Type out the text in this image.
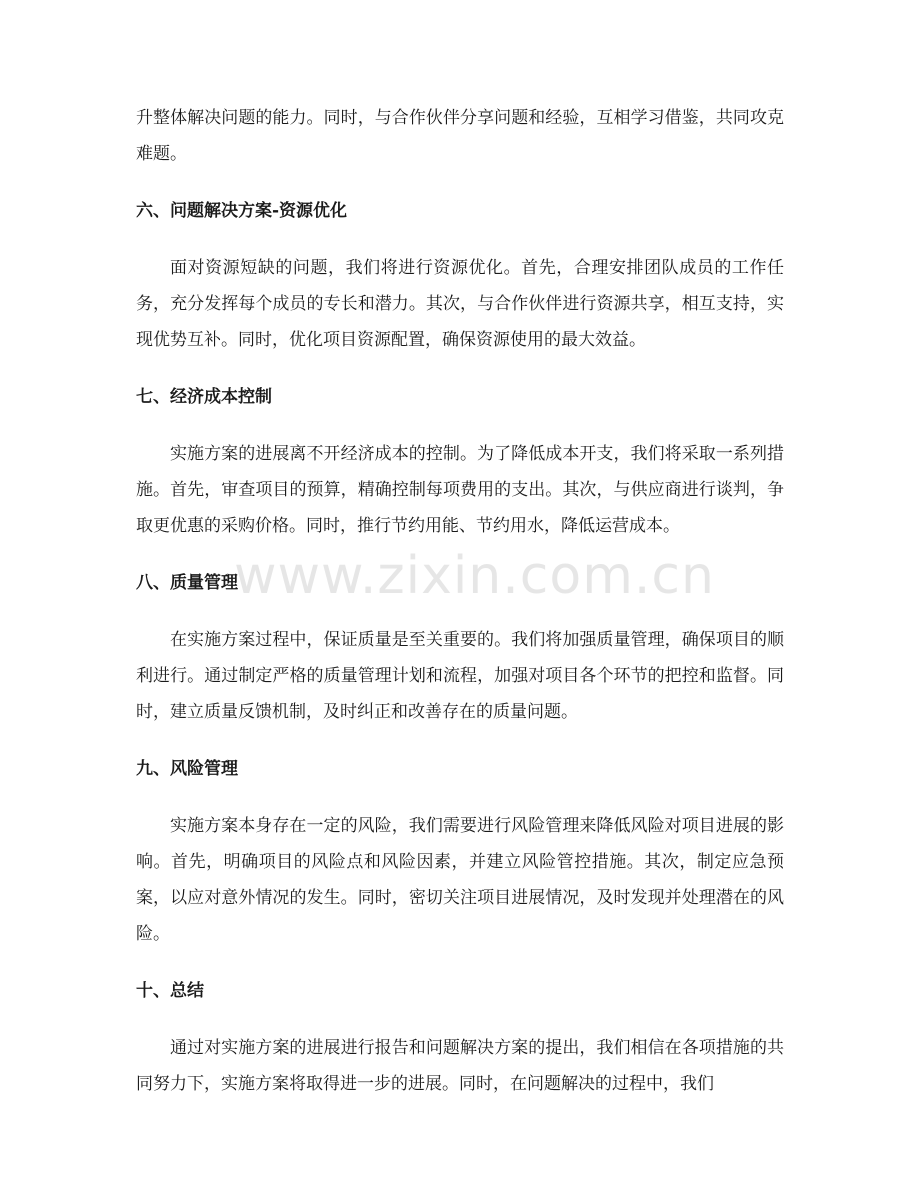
升整体解决问题的能力。同时，与合作伙伴分享问题和经验，互相学习借鉴，共同攻克难题。

六、问题解决方案-资源优化

面对资源短缺的问题，我们将进行资源优化。首先，合理安排团队成员的工作任务，充分发挥每个成员的专长和潜力。其次，与合作伙伴进行资源共享，相互支持，实现优势互补。同时，优化项目资源配置，确保资源使用的最大效益。

七、经济成本控制

实施方案的进展离不开经济成本的控制。为了降低成本开支，我们将采取一系列措施。首先，审查项目的预算，精确控制每项费用的支出。其次，与供应商进行谈判，争取更优惠的采购价格。同时，推行节约用能、节约用水，降低运营成本。

八、质量管理

在实施方案过程中，保证质量是至关重要的。我们将加强质量管理，确保项目的顺利进行。通过制定严格的质量管理计划和流程，加强对项目各个环节的把控和监督。同时，建立质量反馈机制，及时纠正和改善存在的质量问题。

九、风险管理

实施方案本身存在一定的风险，我们需要进行风险管理来降低风险对项目进展的影响。首先，明确项目的风险点和风险因素，并建立风险管控措施。其次，制定应急预案，以应对意外情况的发生。同时，密切关注项目进展情况，及时发现并处理潜在的风险。

十、总结

通过对实施方案的进展进行报告和问题解决方案的提出，我们相信在各项措施的共同努力下，实施方案将取得进一步的进展。同时，在问题解决的过程中，我们

www.zixin.com.cn
